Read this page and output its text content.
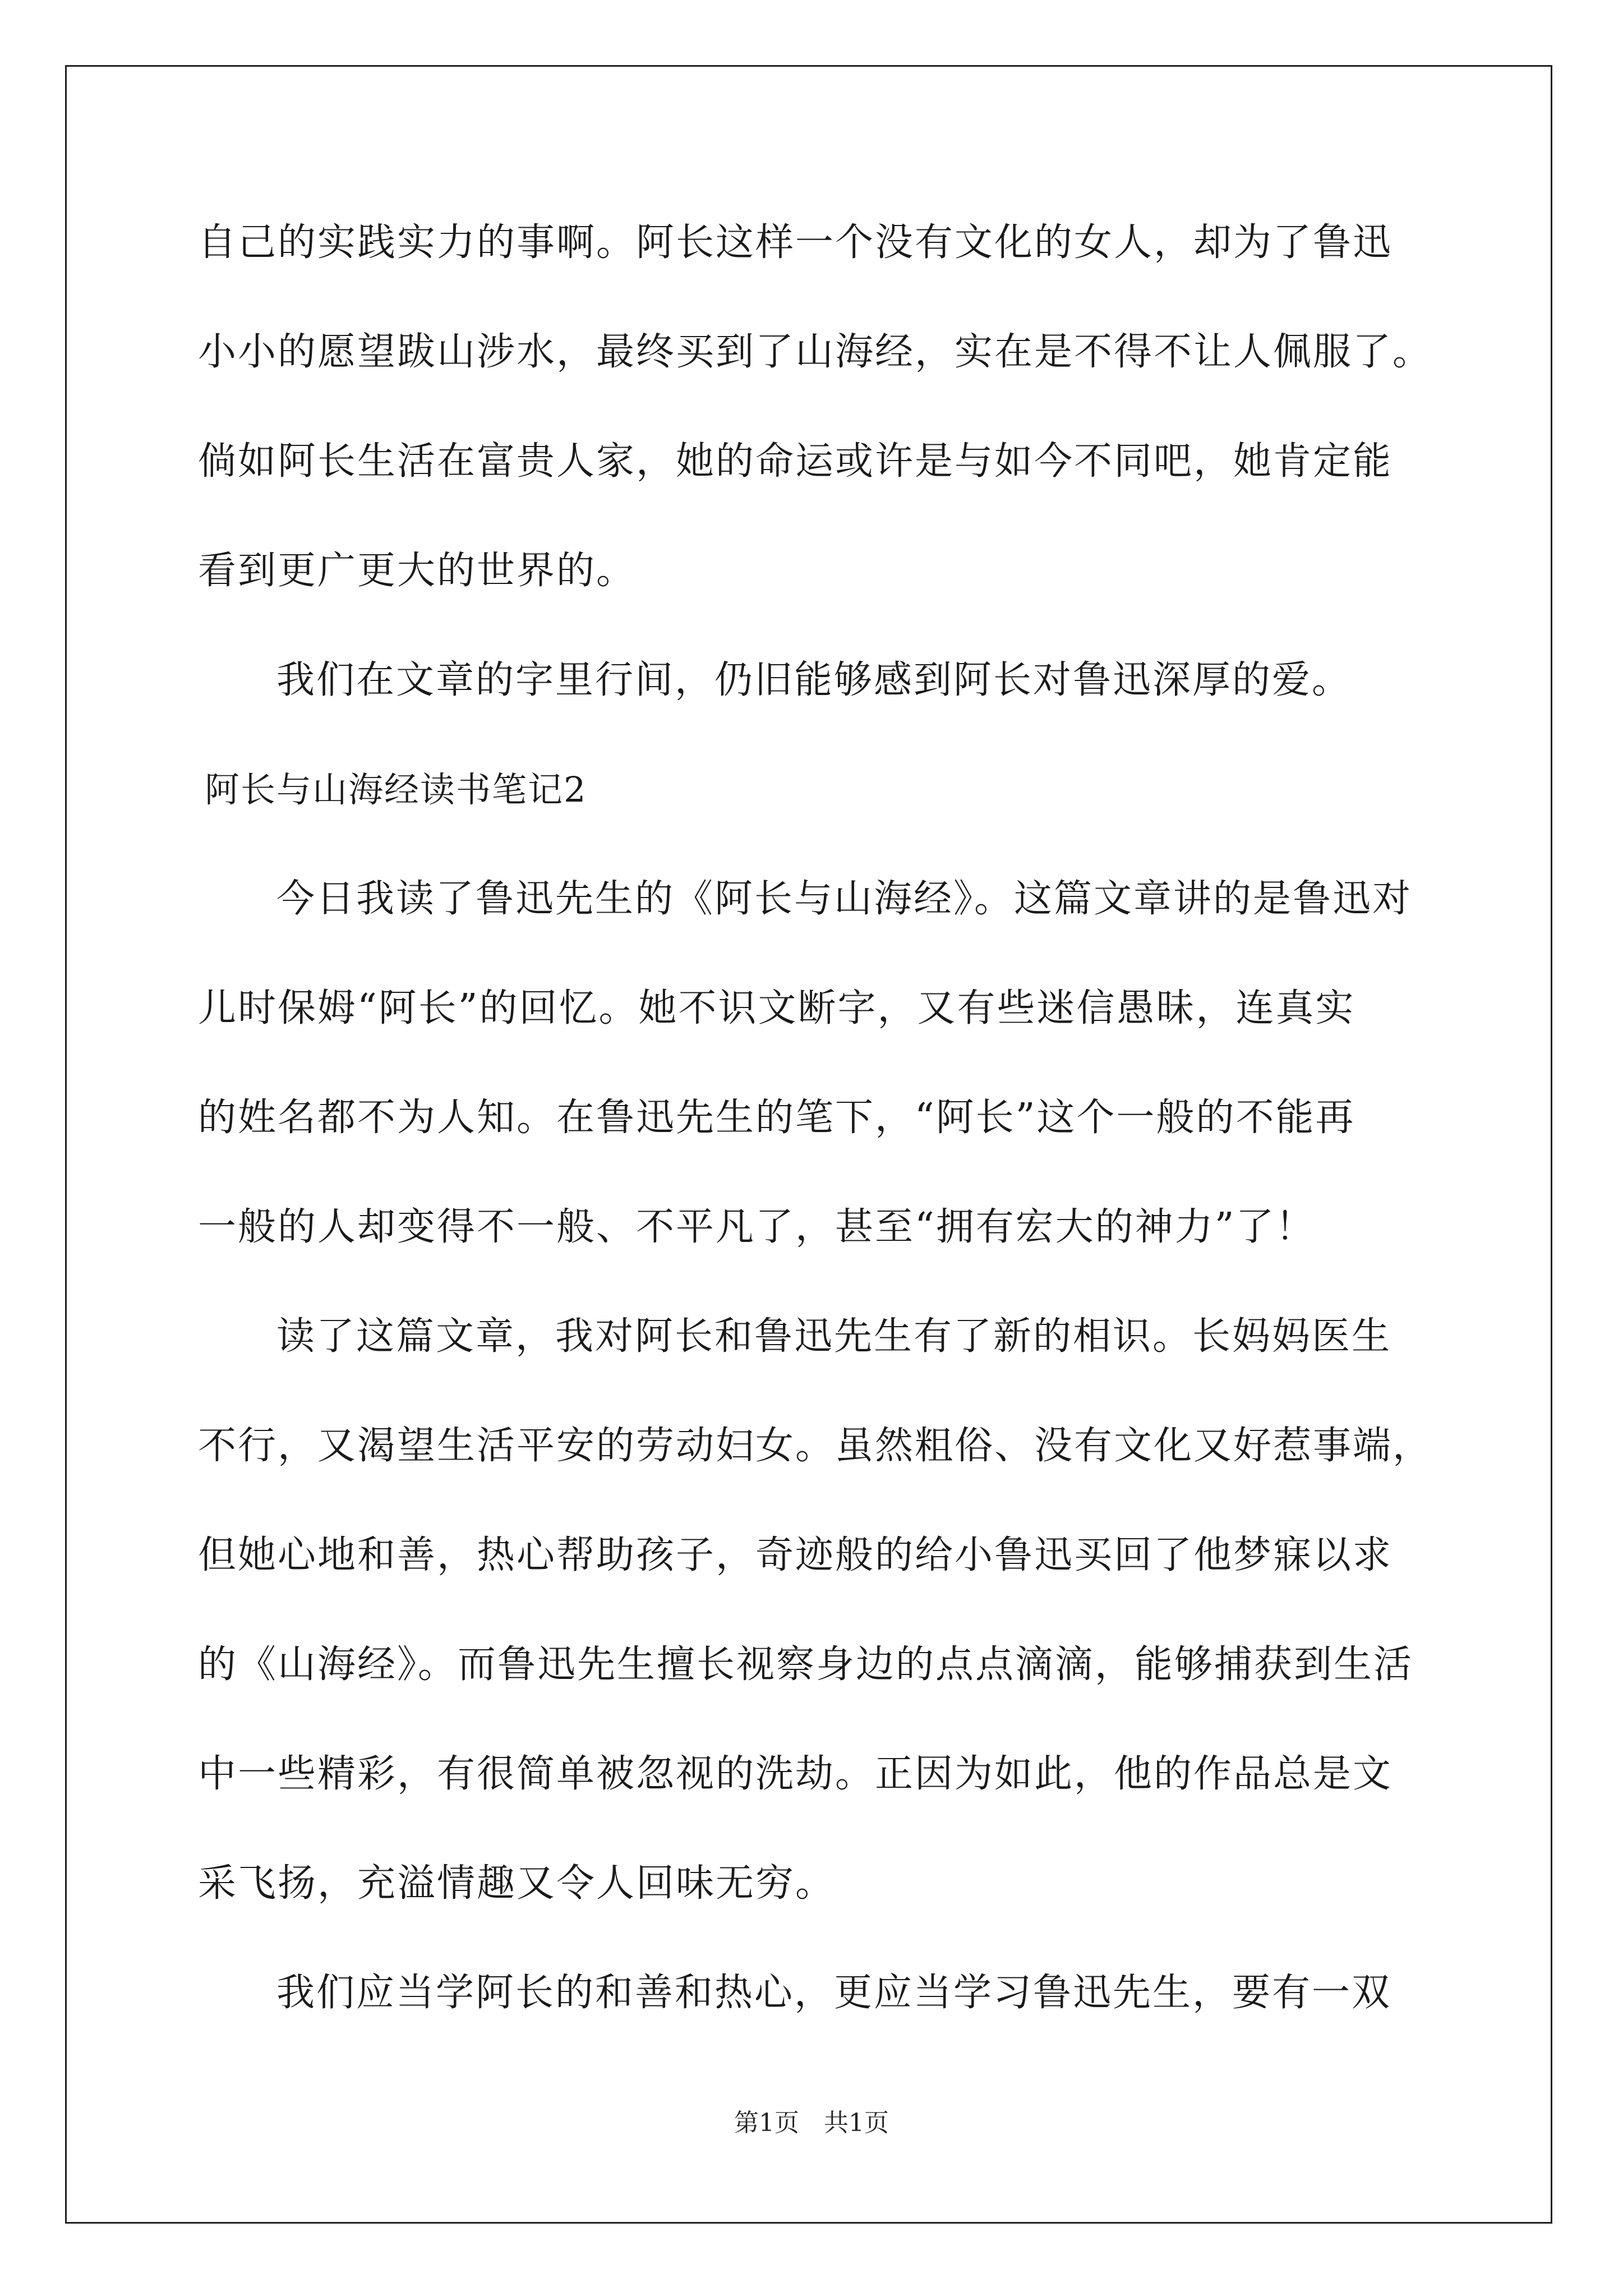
自己的实践实力的事啊。阿长这样一个没有文化的女人，却为了鲁迅
小小的愿望跋山涉水，最终买到了山海经，实在是不得不让人佩服了。
倘如阿长生活在富贵人家，她的命运或许是与如今不同吧，她肯定能
看到更广更大的世界的。
我们在文章的字里行间，仍旧能够感到阿长对鲁迅深厚的爱。
阿长与山海经读书笔记2
今日我读了鲁迅先生的《阿长与山海经》。这篇文章讲的是鲁迅对
儿时保姆“阿长”的回忆。她不识文断字，又有些迷信愚昧，连真实
的姓名都不为人知。在鲁迅先生的笔下，“阿长”这个一般的不能再
一般的人却变得不一般、不平凡了，甚至“拥有宏大的神力”了！
读了这篇文章，我对阿长和鲁迅先生有了新的相识。长妈妈医生
不行，又渴望生活平安的劳动妇女。虽然粗俗、没有文化又好惹事端，
但她心地和善，热心帮助孩子，奇迹般的给小鲁迅买回了他梦寐以求
的《山海经》。而鲁迅先生擅长视察身边的点点滴滴，能够捕获到生活
中一些精彩，有很简单被忽视的洗劫。正因为如此，他的作品总是文
采飞扬，充溢情趣又令人回味无穷。
我们应当学阿长的和善和热心，更应当学习鲁迅先生，要有一双
第1页 共1页
